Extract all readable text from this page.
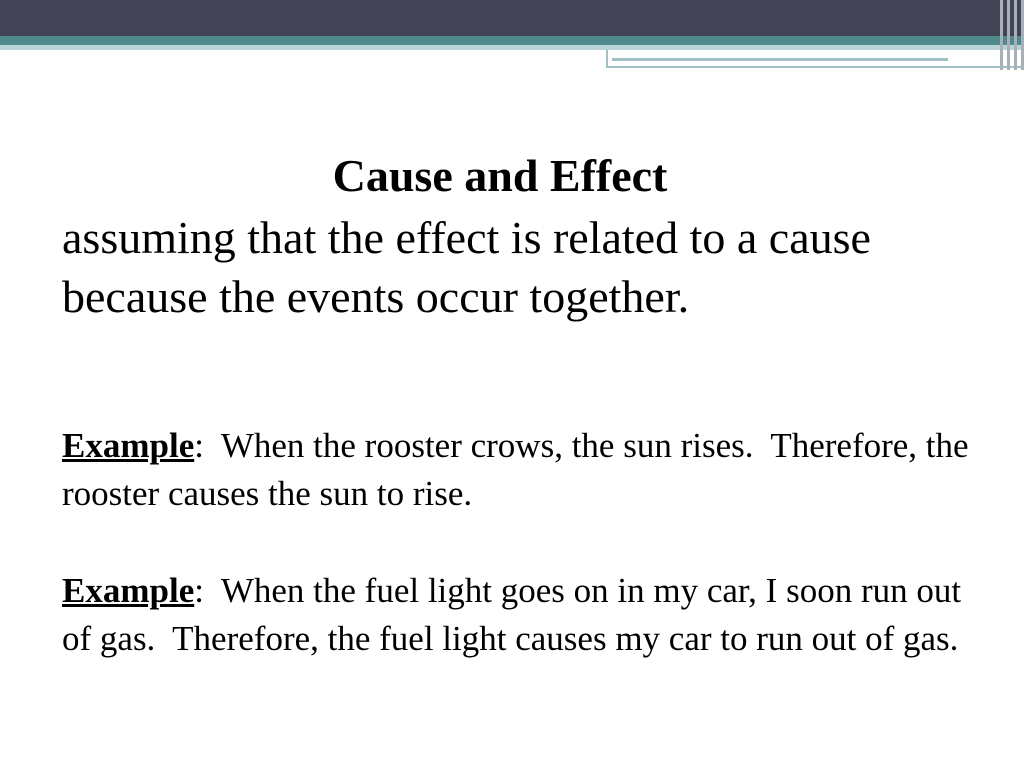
Cause and Effect

assuming that the effect is related to a cause because the events occur together.

Example:  When the rooster crows, the sun rises.  Therefore, the rooster causes the sun to rise.

Example:  When the fuel light goes on in my car, I soon run out of gas.  Therefore, the fuel light causes my car to run out of gas.
